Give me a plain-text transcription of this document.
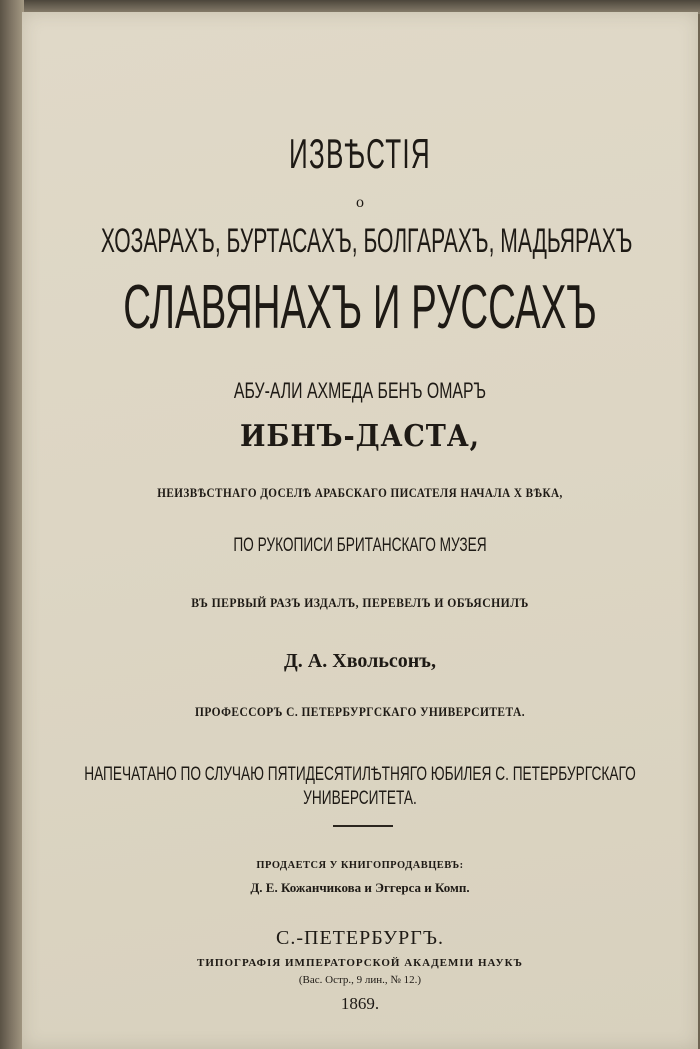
ИЗВѢСТІЯ

о

ХОЗАРАХЪ, БУРТАСАХЪ, БОЛГАРАХЪ, МАДЬЯРАХЪ

СЛАВЯНАХЪ И РУССАХЪ

АБУ-АЛИ АХМЕДА БЕНЪ ОМАРЪ

ИБНЪ-ДАСТА,

НЕИЗВѢСТНАГО ДОСЕЛѢ АРАБСКАГО ПИСАТЕЛЯ НАЧАЛА X ВѢКА,

ПО РУКОПИСИ БРИТАНСКАГО МУЗЕЯ

ВЪ ПЕРВЫЙ РАЗЪ ИЗДАЛЪ, ПЕРЕВЕЛЪ И ОБЪЯСНИЛЪ

Д. А. Хвольсонъ,

ПРОФЕССОРЪ С. ПЕТЕРБУРГСКАГО УНИВЕРСИТЕТА.

НАПЕЧАТАНО ПО СЛУЧАЮ ПЯТИДЕСЯТИЛѢТНЯГО ЮБИЛЕЯ С. ПЕТЕРБУРГСКАГО

УНИВЕРСИТЕТА.

ПРОДАЕТСЯ У КНИГОПРОДАВЦЕВЪ:

Д. Е. Кожанчикова и Эггерса и Комп.

С.-ПЕТЕРБУРГЪ.

ТИПОГРАФІЯ ИМПЕРАТОРСКОЙ АКАДЕМІИ НАУКЪ

(Вас. Остр., 9 лин., № 12.)

1869.
